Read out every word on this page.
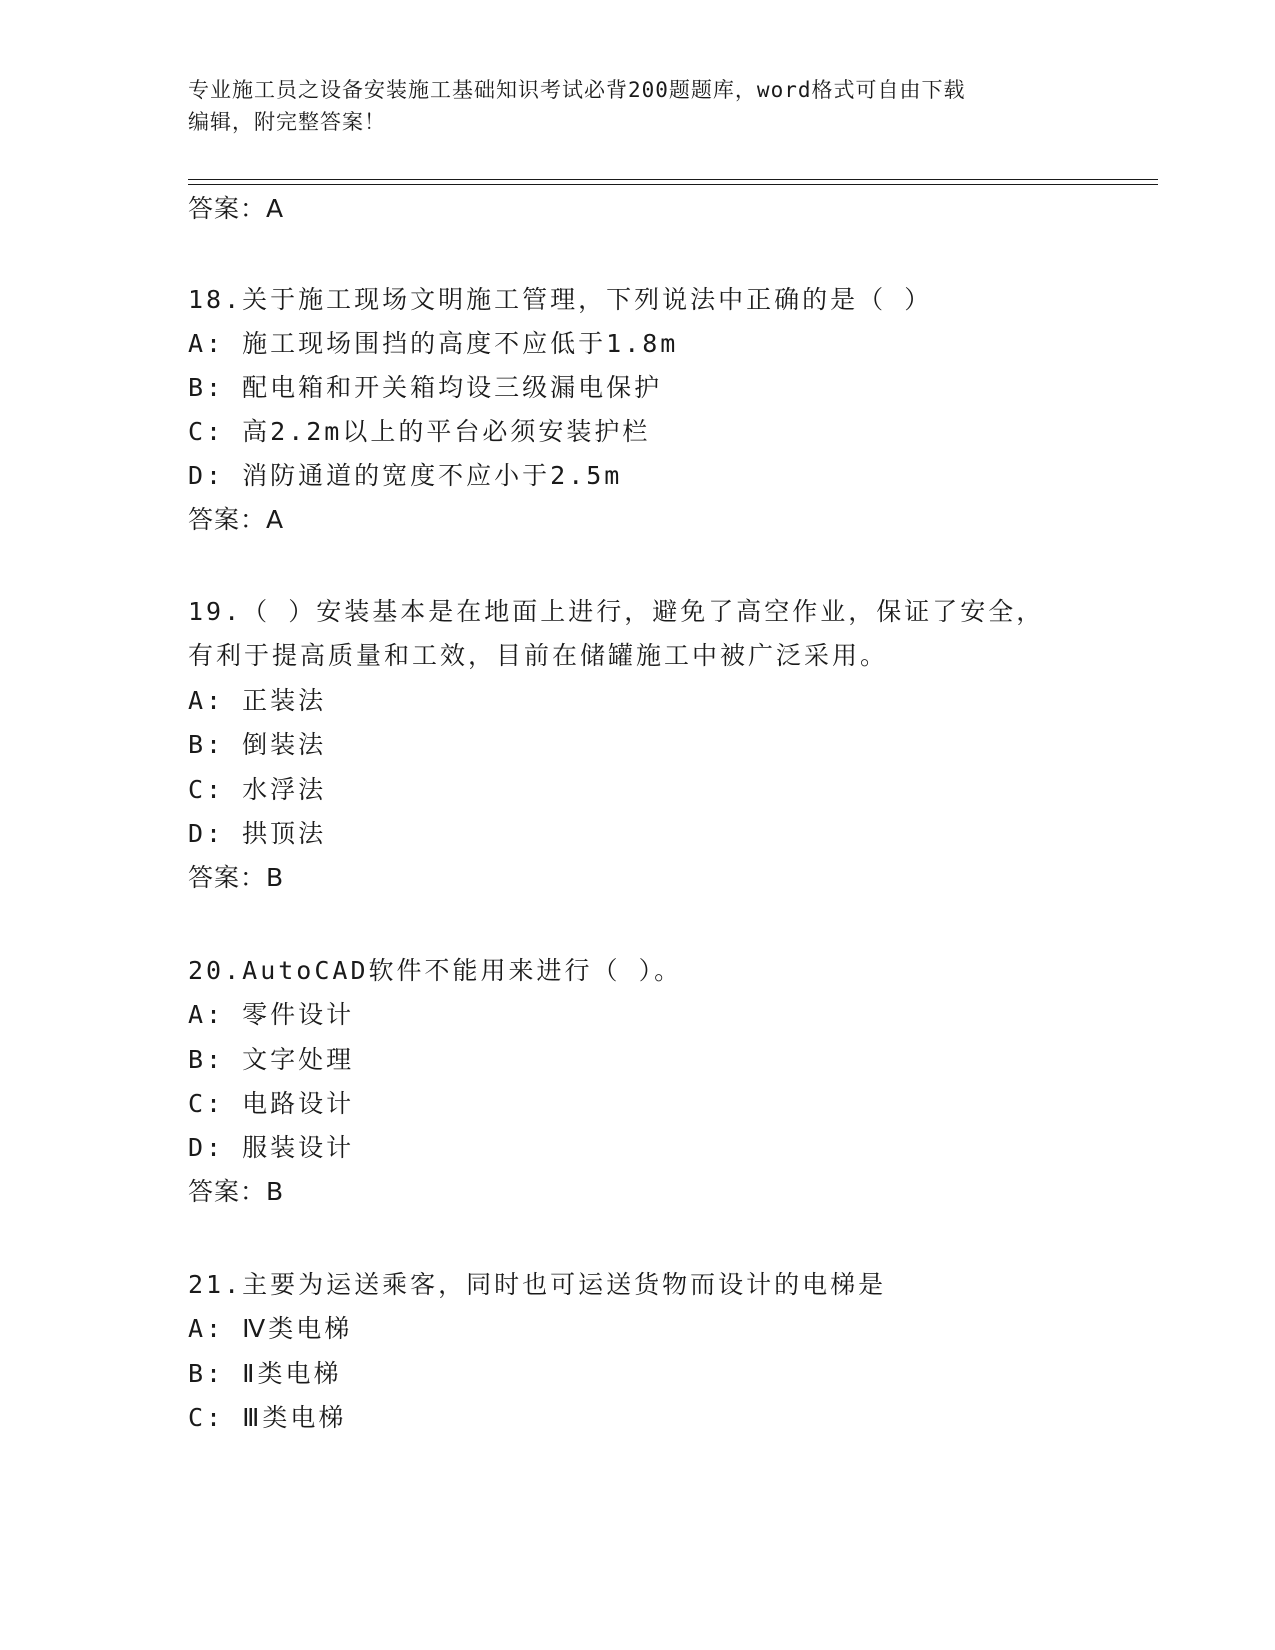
专业施工员之设备安装施工基础知识考试必背200题题库，word格式可自由下载
编辑，附完整答案！
答案：A
18.关于施工现场文明施工管理，下列说法中正确的是（ ）
A: 施工现场围挡的高度不应低于1.8m
B: 配电箱和开关箱均设三级漏电保护
C: 高2.2m以上的平台必须安装护栏
D: 消防通道的宽度不应小于2.5m
答案：A
19.（ ）安装基本是在地面上进行，避免了高空作业，保证了安全，
有利于提高质量和工效，目前在储罐施工中被广泛采用。
A: 正装法
B: 倒装法
C: 水浮法
D: 拱顶法
答案：B
20.AutoCAD软件不能用来进行（ ）。
A: 零件设计
B: 文字处理
C: 电路设计
D: 服装设计
答案：B
21.主要为运送乘客，同时也可运送货物而设计的电梯是
A: Ⅳ类电梯
B: Ⅱ类电梯
C: Ⅲ类电梯
